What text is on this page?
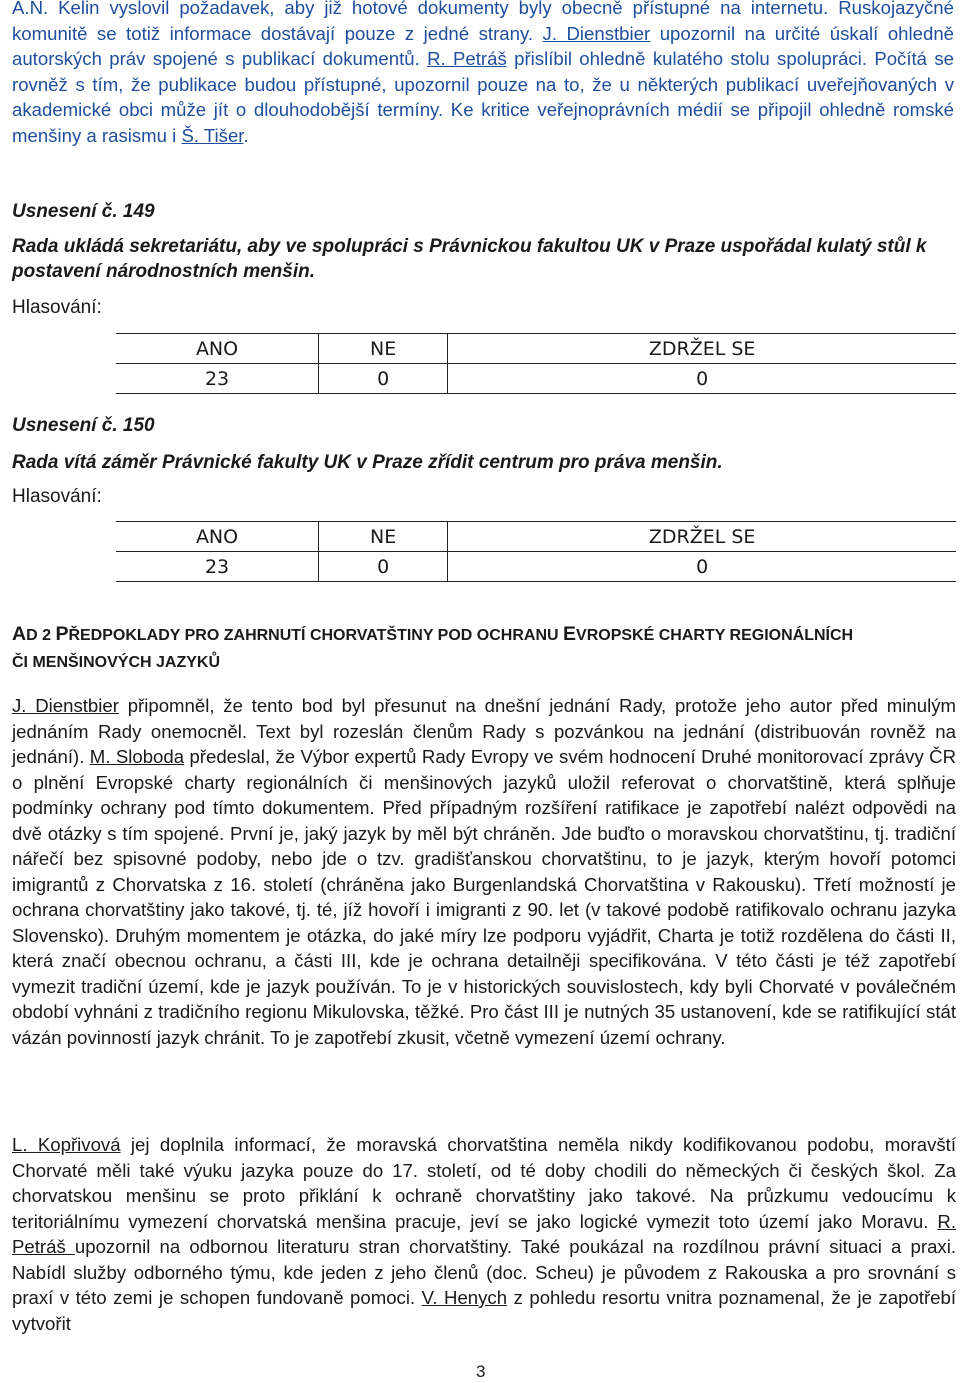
A.N. Kelin vyslovil požadavek, aby již hotové dokumenty byly obecně přístupné na internetu. Ruskojazyčné komunitě se totiž informace dostávají pouze z jedné strany. J. Dienstbier upozornil na určité úskalí ohledně autorských práv spojené s publikací dokumentů. R. Petráš přislíbil ohledně kulatého stolu spolupráci. Počítá se rovněž s tím, že publikace budou přístupné, upozornil pouze na to, že u některých publikací uveřejňovaných v akademické obci může jít o dlouhodobější termíny. Ke kritice veřejnoprávních médií se připojil ohledně romské menšiny a rasismu i Š. Tišer.

Usnesení č. 149
Rada ukládá sekretariátu, aby ve spolupráci s Právnickou fakultou UK v Praze uspořádal kulatý stůl k postavení národnostních menšin.
Hlasování:
ANO	NE	ZDRŽEL SE
23	0	0
Usnesení č. 150
Rada vítá záměr Právnické fakulty UK v Praze zřídit centrum pro práva menšin.
Hlasování:
ANO	NE	ZDRŽEL SE
23	0	0
AD 2 PŘEDPOKLADY PRO ZAHRNUTÍ CHORVATŠTINY POD OCHRANU EVROPSKÉ CHARTY REGIONÁLNÍCH
ČI MENŠINOVÝCH JAZYKŮ

J. Dienstbier připomněl, že tento bod byl přesunut na dnešní jednání Rady, protože jeho autor před minulým jednáním Rady onemocněl. Text byl rozeslán členům Rady s pozvánkou na jednání (distribuován rovněž na jednání). M. Sloboda předeslal, že Výbor expertů Rady Evropy ve svém hodnocení Druhé monitorovací zprávy ČR o plnění Evropské charty regionálních či menšinových jazyků uložil referovat o chorvatštině, která splňuje podmínky ochrany pod tímto dokumentem. Před případným rozšíření ratifikace je zapotřebí nalézt odpovědi na dvě otázky s tím spojené. První je, jaký jazyk by měl být chráněn. Jde buďto o moravskou chorvatštinu, tj. tradiční nářečí bez spisovné podoby, nebo jde o tzv. gradišťanskou chorvatštinu, to je jazyk, kterým hovoří potomci imigrantů z Chorvatska z 16. století (chráněna jako Burgenlandská Chorvatština v Rakousku). Třetí možností je ochrana chorvatštiny jako takové, tj. té, jíž hovoří i imigranti z 90. let (v takové podobě ratifikovalo ochranu jazyka Slovensko). Druhým momentem je otázka, do jaké míry lze podporu vyjádřit, Charta je totiž rozdělena do části II, která značí obecnou ochranu, a části III, kde je ochrana detailněji specifikována. V této části je též zapotřebí vymezit tradiční území, kde je jazyk používán. To je v historických souvislostech, kdy byli Chorvaté v poválečném období vyhnáni z tradičního regionu Mikulovska, těžké. Pro část III je nutných 35 ustanovení, kde se ratifikující stát vázán povinností jazyk chránit. To je zapotřebí zkusit, včetně vymezení území ochrany.

L. Kopřivová jej doplnila informací, že moravská chorvatština neměla nikdy kodifikovanou podobu, moravští Chorvaté měli také výuku jazyka pouze do 17. století, od té doby chodili do německých či českých škol. Za chorvatskou menšinu se proto přiklání k ochraně chorvatštiny jako takové. Na průzkumu vedoucímu k teritoriálnímu vymezení chorvatská menšina pracuje, jeví se jako logické vymezit toto území jako Moravu. R. Petráš upozornil na odbornou literaturu stran chorvatštiny. Také poukázal na rozdílnou právní situaci a praxi. Nabídl služby odborného týmu, kde jeden z jeho členů (doc. Scheu) je původem z Rakouska a pro srovnání s praxí v této zemi je schopen fundovaně pomoci. V. Henych z pohledu resortu vnitra poznamenal, že je zapotřebí vytvořit

3
